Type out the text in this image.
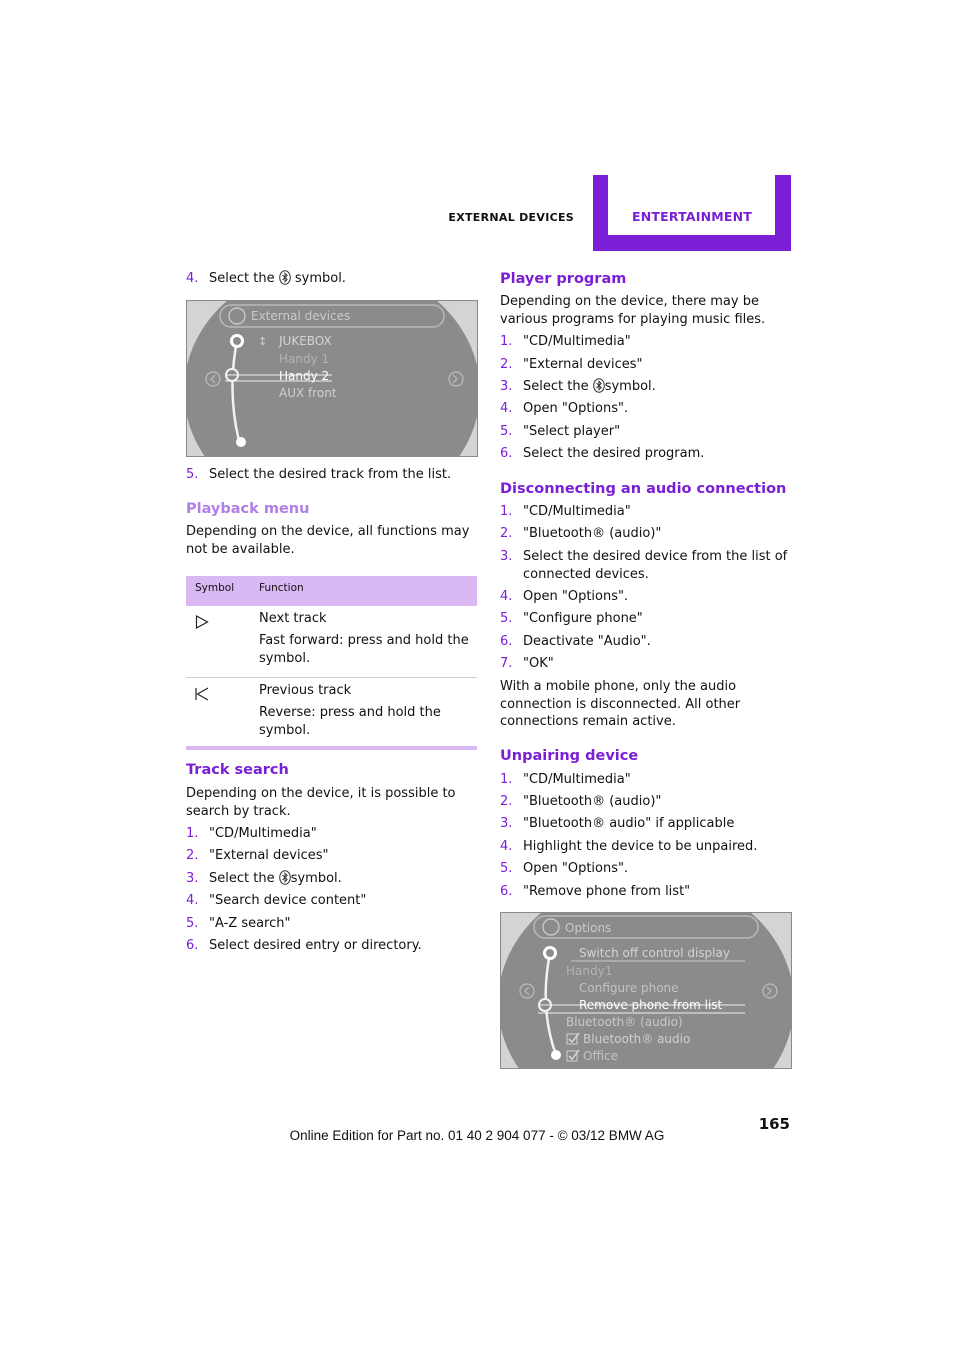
EXTERNAL DEVICES	ENTERTAINMENT
4. Select the symbol.
External devices
↕ JUKEBOX
Handy 1
Handy 2
AUX front
5. Select the desired track from the list.
Playback menu
Depending on the device, all functions may not be available.
Symbol Function
Next track
Fast forward: press and hold the symbol.
Previous track
Reverse: press and hold the symbol.
Track search
Depending on the device, it is possible to search by track.
1. "CD/Multimedia"
2. "External devices"
3. Select the symbol.
4. "Search device content"
5. "A-Z search"
6. Select desired entry or directory.
Player program
Depending on the device, there may be various programs for playing music files.
1. "CD/Multimedia"
2. "External devices"
3. Select the symbol.
4. Open "Options".
5. "Select player"
6. Select the desired program.
Disconnecting an audio connection
1. "CD/Multimedia"
2. "Bluetooth® (audio)"
3. Select the desired device from the list of connected devices.
4. Open "Options".
5. "Configure phone"
6. Deactivate "Audio".
7. "OK"
With a mobile phone, only the audio connection is disconnected. All other connections remain active.
Unpairing device
1. "CD/Multimedia"
2. "Bluetooth® (audio)"
3. "Bluetooth® audio" if applicable
4. Highlight the device to be unpaired.
5. Open "Options".
6. "Remove phone from list"
Options
Switch off control display
Handy1
Configure phone
Remove phone from list
Bluetooth® (audio)
Bluetooth® audio
Office
165
Online Edition for Part no. 01 40 2 904 077 - © 03/12 BMW AG
